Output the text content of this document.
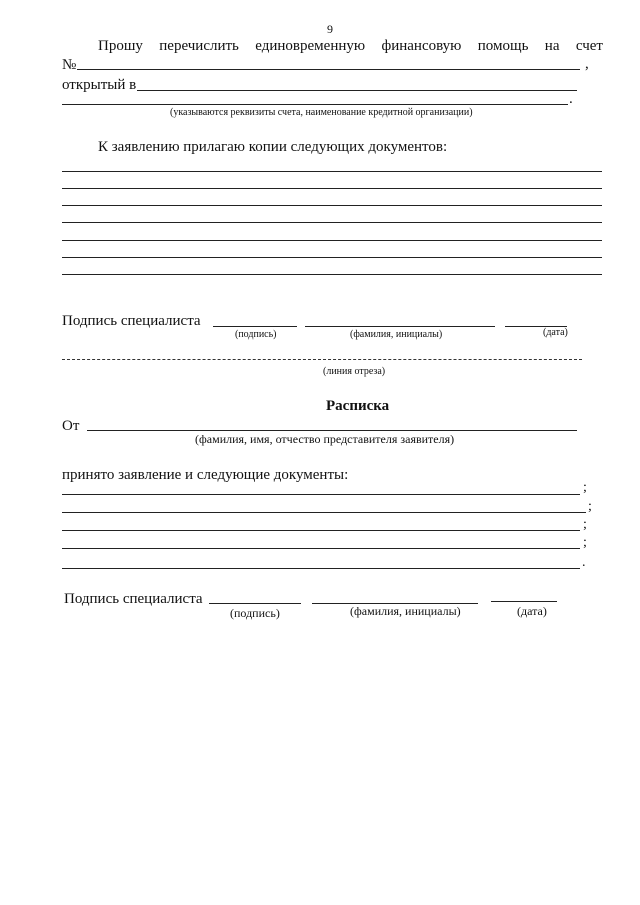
9
Прошу перечислить единовременную финансовую помощь на счет
№	,
открытый в
.
(указываются реквизиты счета, наименование кредитной организации)
К заявлению прилагаю копии следующих документов:
Подпись специалиста
(подпись)	(фамилия, инициалы)	(дата)
(линия отреза)
Расписка
От
(фамилия, имя, отчество представителя заявителя)
принято заявление и следующие документы:
;
;
;
;
.
Подпись специалиста
(подпись)	(фамилия, инициалы)	(дата)
